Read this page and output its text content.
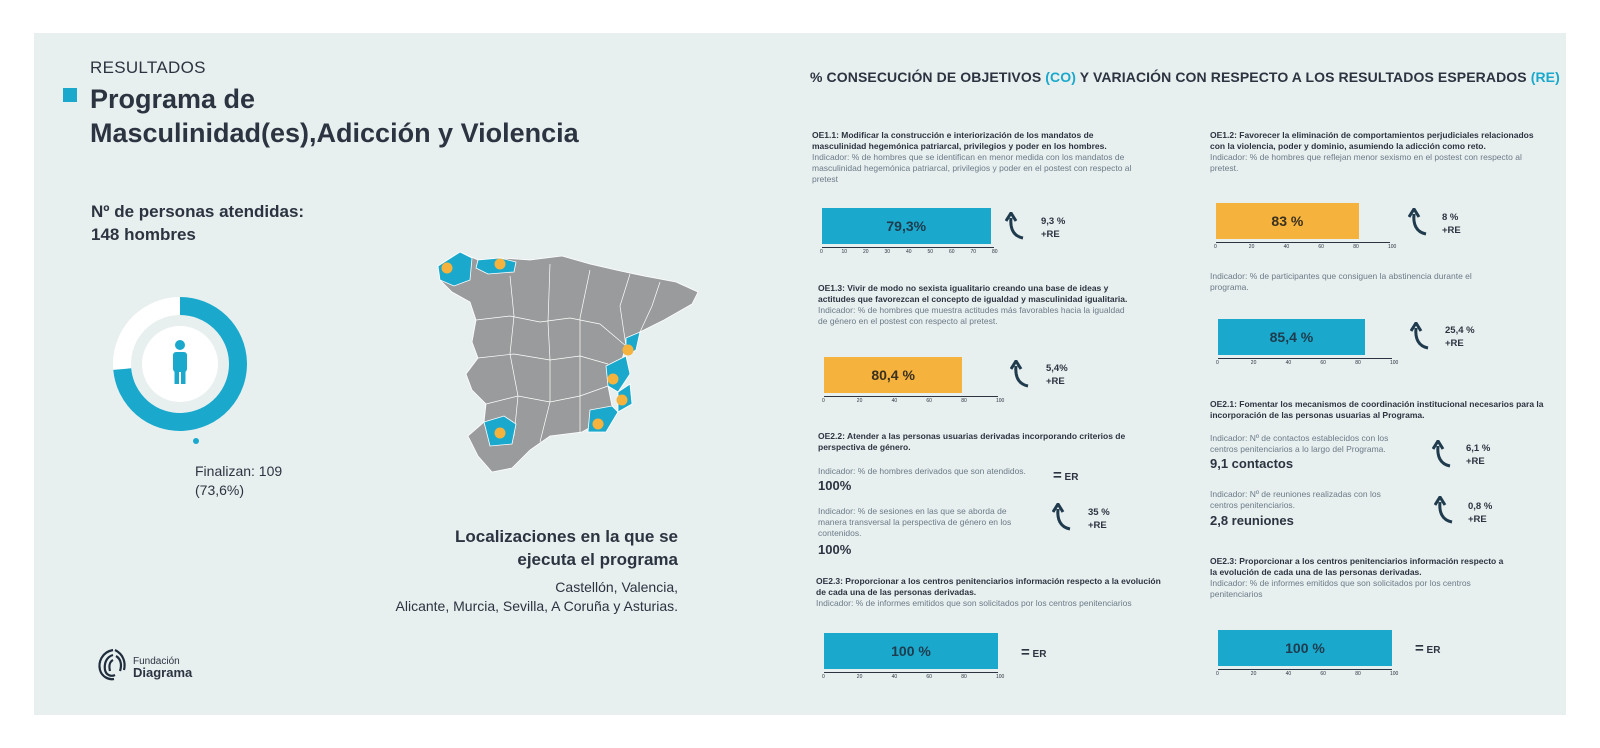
RESULTADOS
Programa de
Masculinidad(es),Adicción y Violencia
Nº de personas atendidas:
148 hombres
Finalizan: 109
(73,6%)
Localizaciones en la que se
ejecuta el programa
Castellón, Valencia,
Alicante, Murcia, Sevilla, A Coruña y Asturias.
Fundación
Diagrama
% CONSECUCIÓN DE OBJETIVOS (CO) Y VARIACIÓN CON RESPECTO A LOS RESULTADOS ESPERADOS (RE)
OE1.1: Modificar la construcción e interiorización de los mandatos de masculinidad hegemónica patriarcal, privilegios y poder en los hombres.
Indicador: % de hombres que se identifican en menor medida con los mandatos de masculinidad hegemónica patriarcal, privilegios y poder en el postest con respecto al pretest
79,3%
0	10	20	30	40	50	60	70	80
9,3 %
+RE
OE1.3: Vivir de modo no sexista igualitario creando una base de ideas y actitudes que favorezcan el concepto de igualdad y masculinidad igualitaria.
Indicador: % de hombres que muestra actitudes más favorables hacia la igualdad de género en el postest con respecto al pretest.
80,4 %
0	20	40	60	80	100
5,4%
+RE
OE2.2: Atender a las personas usuarias derivadas incorporando criterios de perspectiva de género.
Indicador: % de hombres derivados que son atendidos.
100%
= ER
Indicador: % de sesiones en las que se aborda de manera transversal la perspectiva de género en los contenidos.
100%
35 %
+RE
OE2.3: Proporcionar a los centros penitenciarios información respecto a la evolución de cada una de las personas derivadas.
Indicador: % de informes emitidos que son solicitados por los centros penitenciarios
100 %
0	20	40	60	80	100
= ER
OE1.2: Favorecer la eliminación de comportamientos perjudiciales relacionados con la violencia, poder y dominio, asumiendo la adicción como reto.
Indicador: % de hombres que reflejan menor sexismo en el postest con respecto al pretest.
83 %
0	20	40	60	80	100
8 %
+RE
Indicador: % de participantes que consiguen la abstinencia durante el programa.
85,4 %
0	20	40	60	80	100
25,4 %
+RE
OE2.1: Fomentar los mecanismos de coordinación institucional necesarios para la incorporación de las personas usuarias al Programa.
Indicador: Nº de contactos establecidos con los centros penitenciarios a lo largo del Programa.
9,1 contactos
6,1 %
+RE
Indicador: Nº de reuniones realizadas con los centros penitenciarios.
2,8 reuniones
0,8 %
+RE
OE2.3: Proporcionar a los centros penitenciarios información respecto a la evolución de cada una de las personas derivadas.
Indicador: % de informes emitidos que son solicitados por los centros penitenciarios
100 %
0	20	40	60	80	100
= ER
